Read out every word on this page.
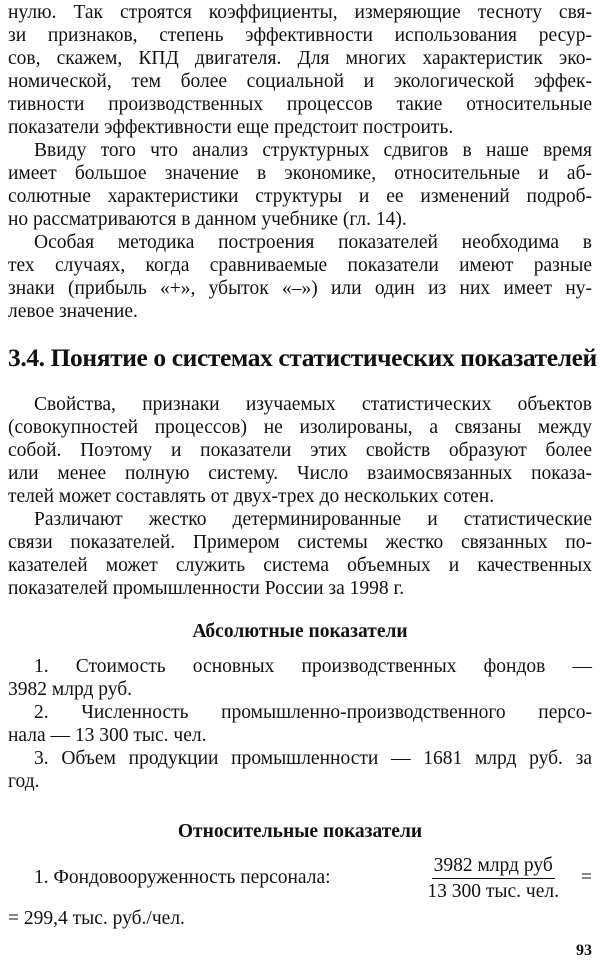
нулю. Так строятся коэффициенты, измеряющие тесноту свя-

зи признаков, степень эффективности использования ресур-

сов, скажем, КПД двигателя. Для многих характеристик эко-

номической, тем более социальной и экологической эффек-

тивности производственных процессов такие относительные

показатели эффективности еще предстоит построить.

Ввиду того что анализ структурных сдвигов в наше время

имеет большое значение в экономике, относительные и аб-

солютные характеристики структуры и ее изменений подроб-

но рассматриваются в данном учебнике (гл. 14).

Особая методика построения показателей необходима в

тех случаях, когда сравниваемые показатели имеют разные

знаки (прибыль «+», убыток «–») или один из них имеет ну-

левое значение.

3.4. Понятие о системах статистических показателей

Свойства, признаки изучаемых статистических объектов

(совокупностей процессов) не изолированы, а связаны между

собой. Поэтому и показатели этих свойств образуют более

или менее полную систему. Число взаимосвязанных показа-

телей может составлять от двух-трех до нескольких сотен.

Различают жестко детерминированные и статистические

связи показателей. Примером системы жестко связанных по-

казателей может служить система объемных и качественных

показателей промышленности России за 1998 г.

Абсолютные показатели

1. Стоимость основных производственных фондов —

3982 млрд руб.

2. Численность промышленно-производственного персо-

нала — 13 300 тыс. чел.

3. Объем продукции промышленности — 1681 млрд руб. за

год.

Относительные показатели
1. Фондовооруженность персонала:	$\frac{\text{3982 млрд руб}}{\text{13 300 тыс. чел.}}$ =

= 299,4 тыс. руб./чел.

93
